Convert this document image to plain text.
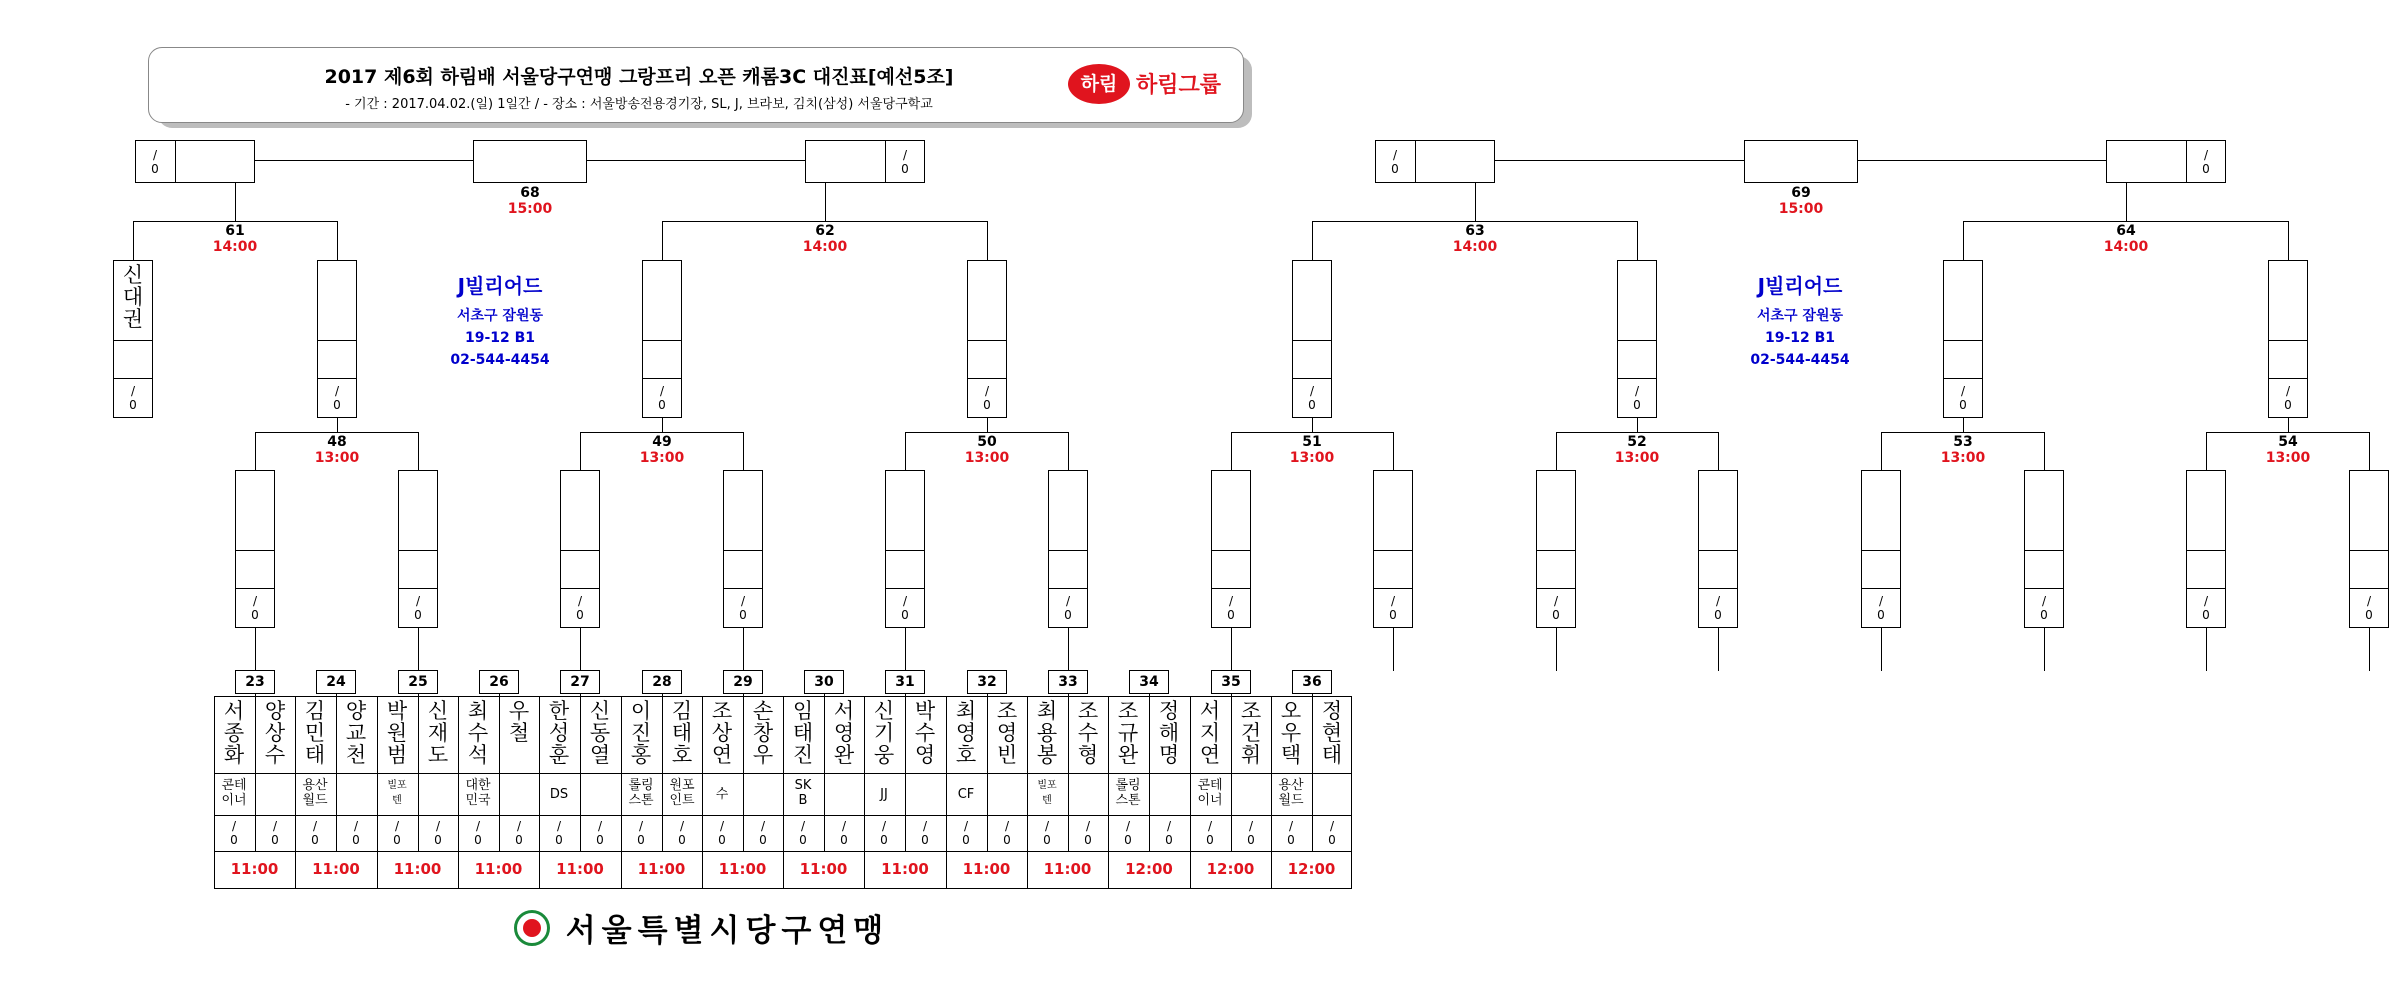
2017 제6회 하림배 서울당구연맹 그랑프리 오픈 캐롬3C 대진표[예선5조]
- 기간 : 2017.04.02.(일) 1일간 / - 장소 : 서울방송전용경기장, SL, J, 브라보, 김치(삼성) 서울당구학교
하림 하림그룹
서
종
화
콘테
이너
/
0
양
상
수
/
0
11:00
23
김
민
태
용산
월드
/
0
양
교
천
/
0
11:00
24
박
원
범
빌포
텐
/
0
신
재
도
/
0
11:00
25
최
수
석
대한
민국
/
0
우
철
/
0
11:00
26
한
성
훈
DS
/
0
신
동
열
/
0
11:00
27
이
진
홍
롤링
스톤
/
0
김
태
호
원포
인트
/
0
11:00
28
조
상
연
수
/
0
손
창
우
/
0
11:00
29
임
태
진
SK
B
/
0
서
영
완
/
0
11:00
30
신
기
웅
JJ
/
0
박
수
영
/
0
11:00
31
최
영
호
CF
/
0
조
영
빈
/
0
11:00
32
최
용
봉
빌포
텐
/
0
조
수
형
/
0
11:00
33
조
규
완
롤링
스톤
/
0
정
해
명
/
0
12:00
34
서
지
연
콘테
이너
/
0
조
건
휘
/
0
12:00
35
오
우
택
용산
월드
/
0
정
현
태
/
0
12:00
36
/
0
/
0
/
0
/
0
/
0
/
0
/
0
/
0
/
0
/
0
/
0
/
0
/
0
/
0
48
13:00
49
13:00
50
13:00
51
13:00
52
13:00
53
13:00
54
13:00
신
대
권
/
0
/
0
/
0
/
0
/
0
/
0
/
0
/
0
61
14:00
62
14:00
63
14:00
64
14:00
/
0
/
0
/
0
/
0
68
15:00
69
15:00
J빌리어드
서초구 잠원동
19-12 B1
02-544-4454
J빌리어드
서초구 잠원동
19-12 B1
02-544-4454
서울특별시당구연맹
